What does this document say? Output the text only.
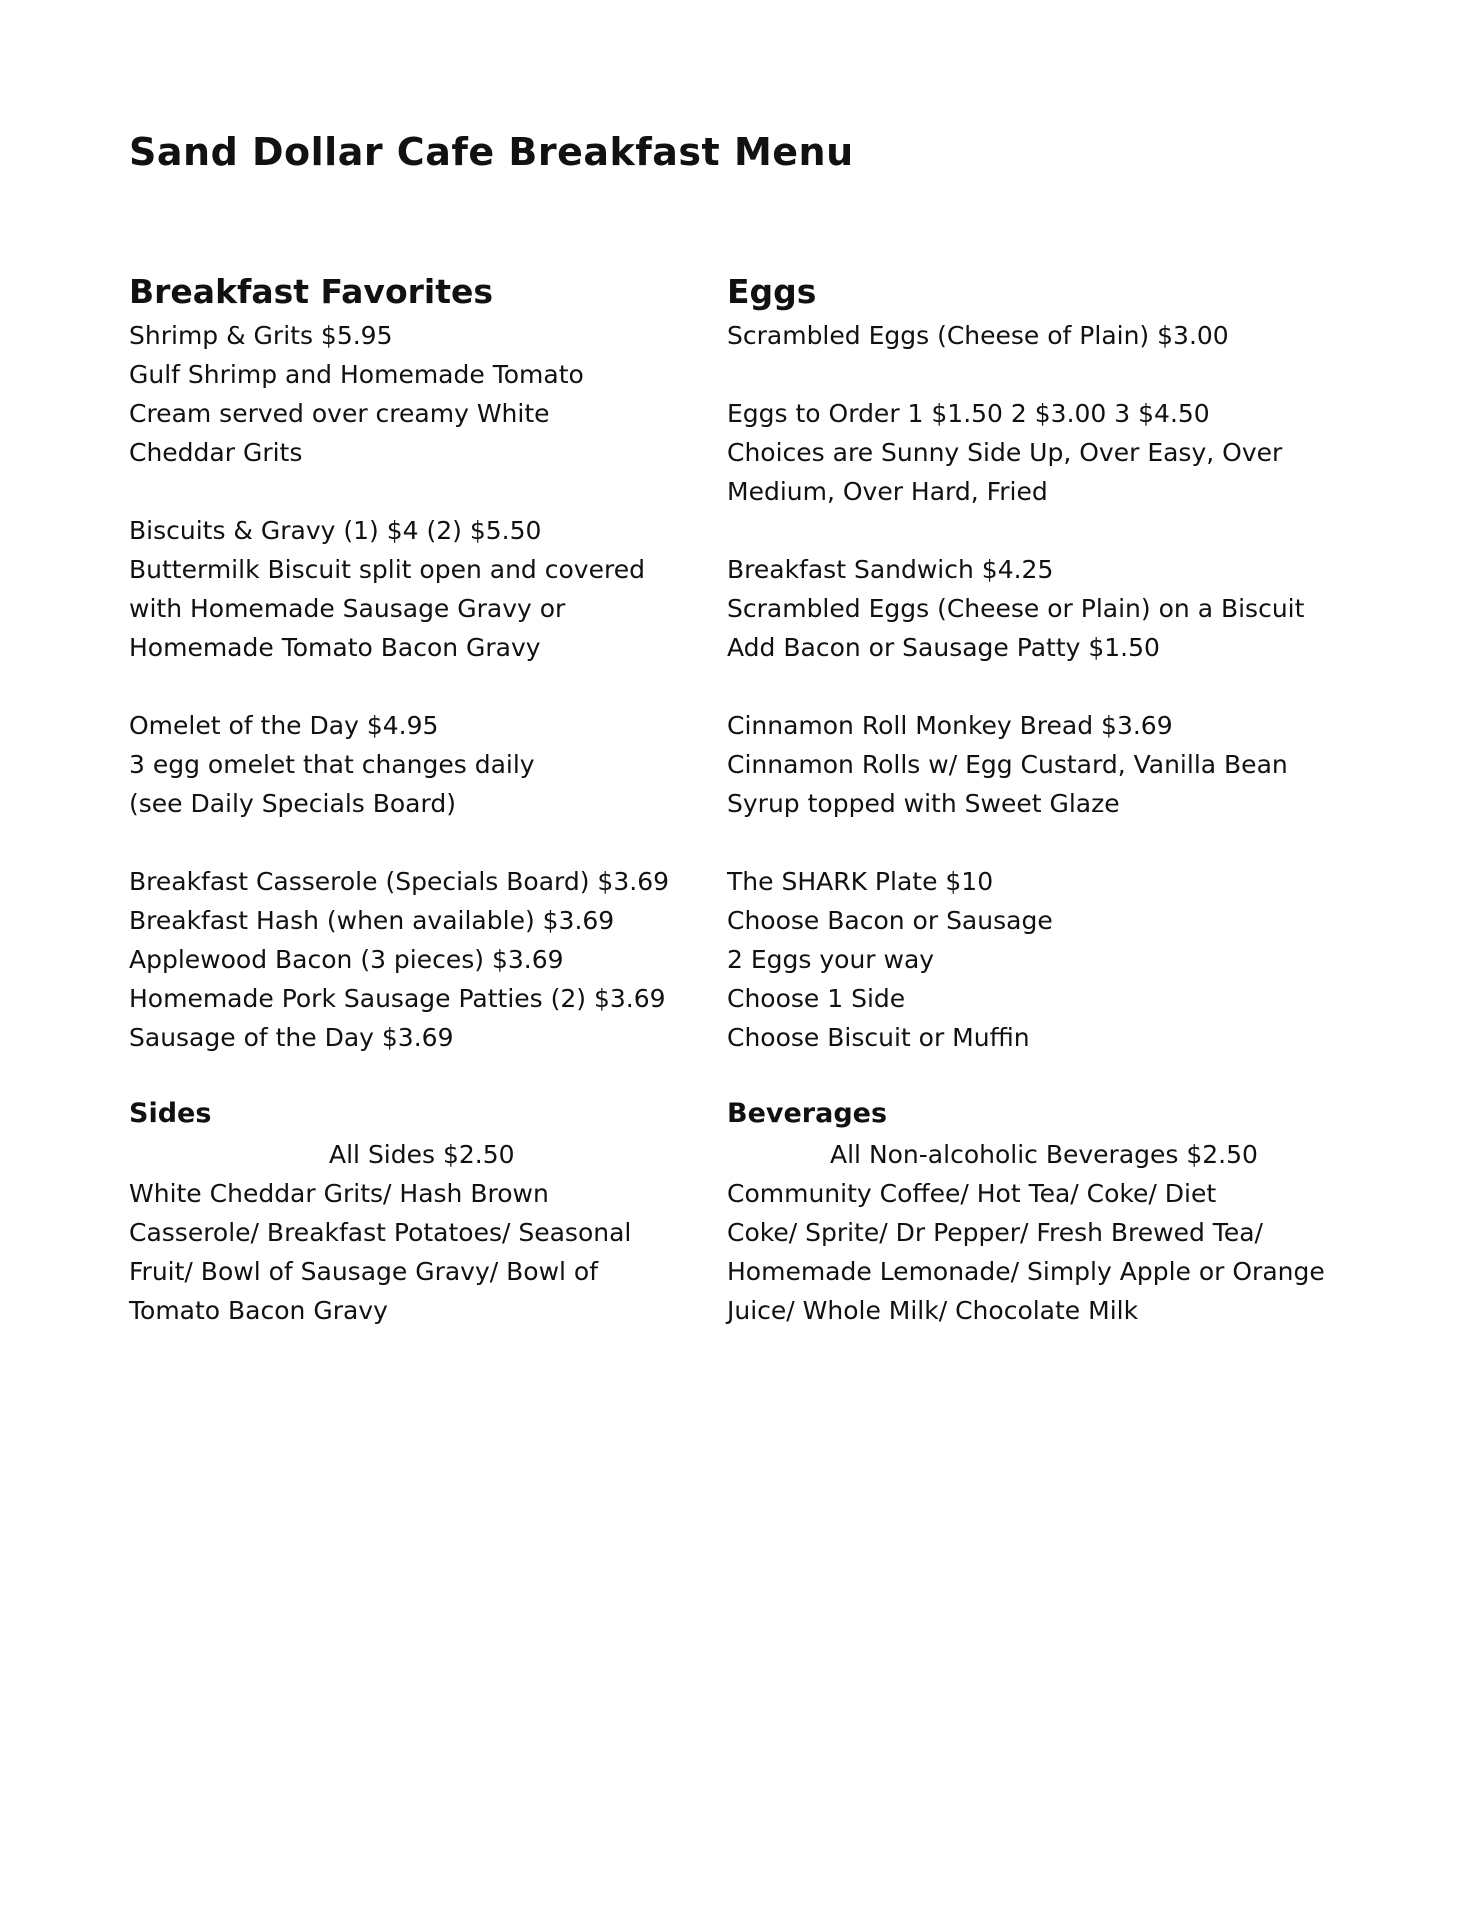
Sand Dollar Cafe Breakfast Menu
Breakfast Favorites

Shrimp & Grits $5.95

Gulf Shrimp and Homemade Tomato

Cream served over creamy White

Cheddar Grits

Biscuits & Gravy (1) $4 (2) $5.50

Buttermilk Biscuit split open and covered

with Homemade Sausage Gravy or

Homemade Tomato Bacon Gravy

Omelet of the Day $4.95

3 egg omelet that changes daily

(see Daily Specials Board)

Breakfast Casserole (Specials Board) $3.69

Breakfast Hash (when available) $3.69

Applewood Bacon (3 pieces) $3.69

Homemade Pork Sausage Patties (2) $3.69

Sausage of the Day $3.69

Eggs

Scrambled Eggs (Cheese of Plain) $3.00

Eggs to Order 1 $1.50 2 $3.00 3 $4.50

Choices are Sunny Side Up, Over Easy, Over

Medium, Over Hard, Fried

Breakfast Sandwich $4.25

Scrambled Eggs (Cheese or Plain) on a Biscuit

Add Bacon or Sausage Patty $1.50

Cinnamon Roll Monkey Bread $3.69

Cinnamon Rolls w/ Egg Custard, Vanilla Bean

Syrup topped with Sweet Glaze

The SHARK Plate $10

Choose Bacon or Sausage

2 Eggs your way

Choose 1 Side

Choose Biscuit or Muffin

Sides

All Sides $2.50

White Cheddar Grits/ Hash Brown

Casserole/ Breakfast Potatoes/ Seasonal

Fruit/ Bowl of Sausage Gravy/ Bowl of

Tomato Bacon Gravy

Beverages

All Non-alcoholic Beverages $2.50

Community Coffee/ Hot Tea/ Coke/ Diet

Coke/ Sprite/ Dr Pepper/ Fresh Brewed Tea/

Homemade Lemonade/ Simply Apple or Orange

Juice/ Whole Milk/ Chocolate Milk
